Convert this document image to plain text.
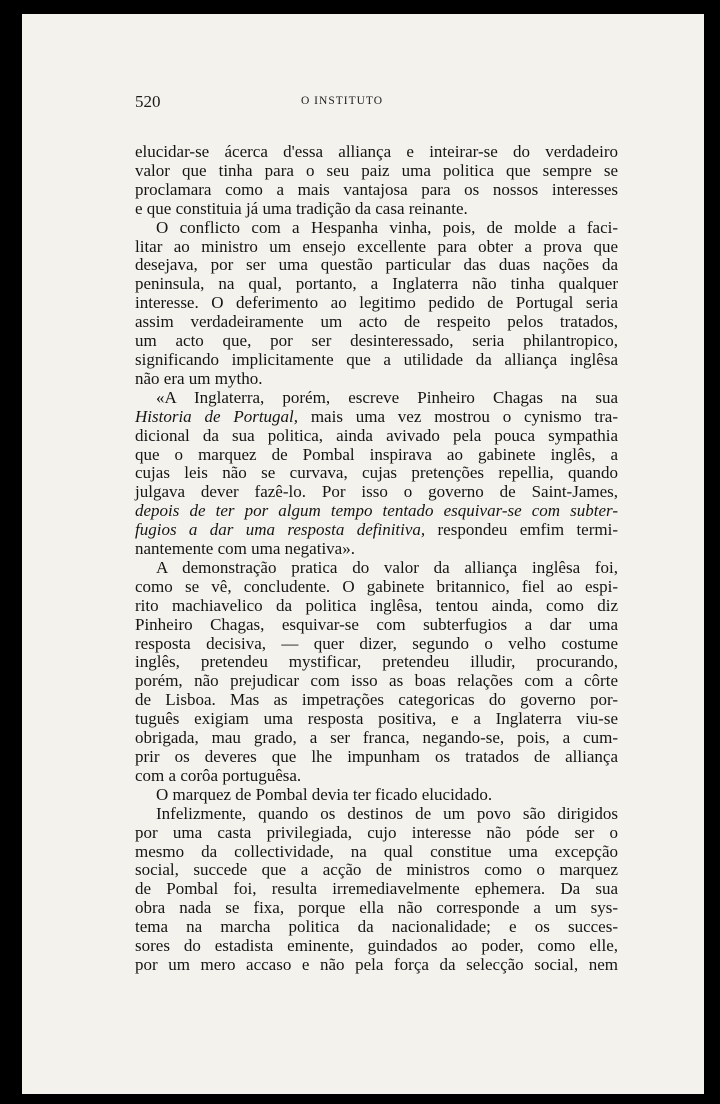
520	O INSTITUTO
elucidar-se ácerca d'essa alliança e inteirar-se do verdadeiro
valor que tinha para o seu paiz uma politica que sempre se
proclamara como a mais vantajosa para os nossos interesses
e que constituia já uma tradição da casa reinante.
O conflicto com a Hespanha vinha, pois, de molde a faci-
litar ao ministro um ensejo excellente para obter a prova que
desejava, por ser uma questão particular das duas nações da
peninsula, na qual, portanto, a Inglaterra não tinha qualquer
interesse. O deferimento ao legitimo pedido de Portugal seria
assim verdadeiramente um acto de respeito pelos tratados,
um acto que, por ser desinteressado, seria philantropico,
significando implicitamente que a utilidade da alliança inglêsa
não era um mytho.
«A Inglaterra, porém, escreve Pinheiro Chagas na sua
Historia de Portugal, mais uma vez mostrou o cynismo tra-
dicional da sua politica, ainda avivado pela pouca sympathia
que o marquez de Pombal inspirava ao gabinete inglês, a
cujas leis não se curvava, cujas pretenções repellia, quando
julgava dever fazê-lo. Por isso o governo de Saint-James,
depois de ter por algum tempo tentado esquivar-se com subter-
fugios a dar uma resposta definitiva, respondeu emfim termi-
nantemente com uma negativa».
A demonstração pratica do valor da alliança inglêsa foi,
como se vê, concludente. O gabinete britannico, fiel ao espi-
rito machiavelico da politica inglêsa, tentou ainda, como diz
Pinheiro Chagas, esquivar-se com subterfugios a dar uma
resposta decisiva, — quer dizer, segundo o velho costume
inglês, pretendeu mystificar, pretendeu illudir, procurando,
porém, não prejudicar com isso as boas relações com a côrte
de Lisboa. Mas as impetrações categoricas do governo por-
tuguês exigiam uma resposta positiva, e a Inglaterra viu-se
obrigada, mau grado, a ser franca, negando-se, pois, a cum-
prir os deveres que lhe impunham os tratados de alliança
com a corôa portuguêsa.
O marquez de Pombal devia ter ficado elucidado.
Infelizmente, quando os destinos de um povo são dirigidos
por uma casta privilegiada, cujo interesse não póde ser o
mesmo da collectividade, na qual constitue uma excepção
social, succede que a acção de ministros como o marquez
de Pombal foi, resulta irremediavelmente ephemera. Da sua
obra nada se fixa, porque ella não corresponde a um sys-
tema na marcha politica da nacionalidade; e os succes-
sores do estadista eminente, guindados ao poder, como elle,
por um mero accaso e não pela força da selecção social, nem
